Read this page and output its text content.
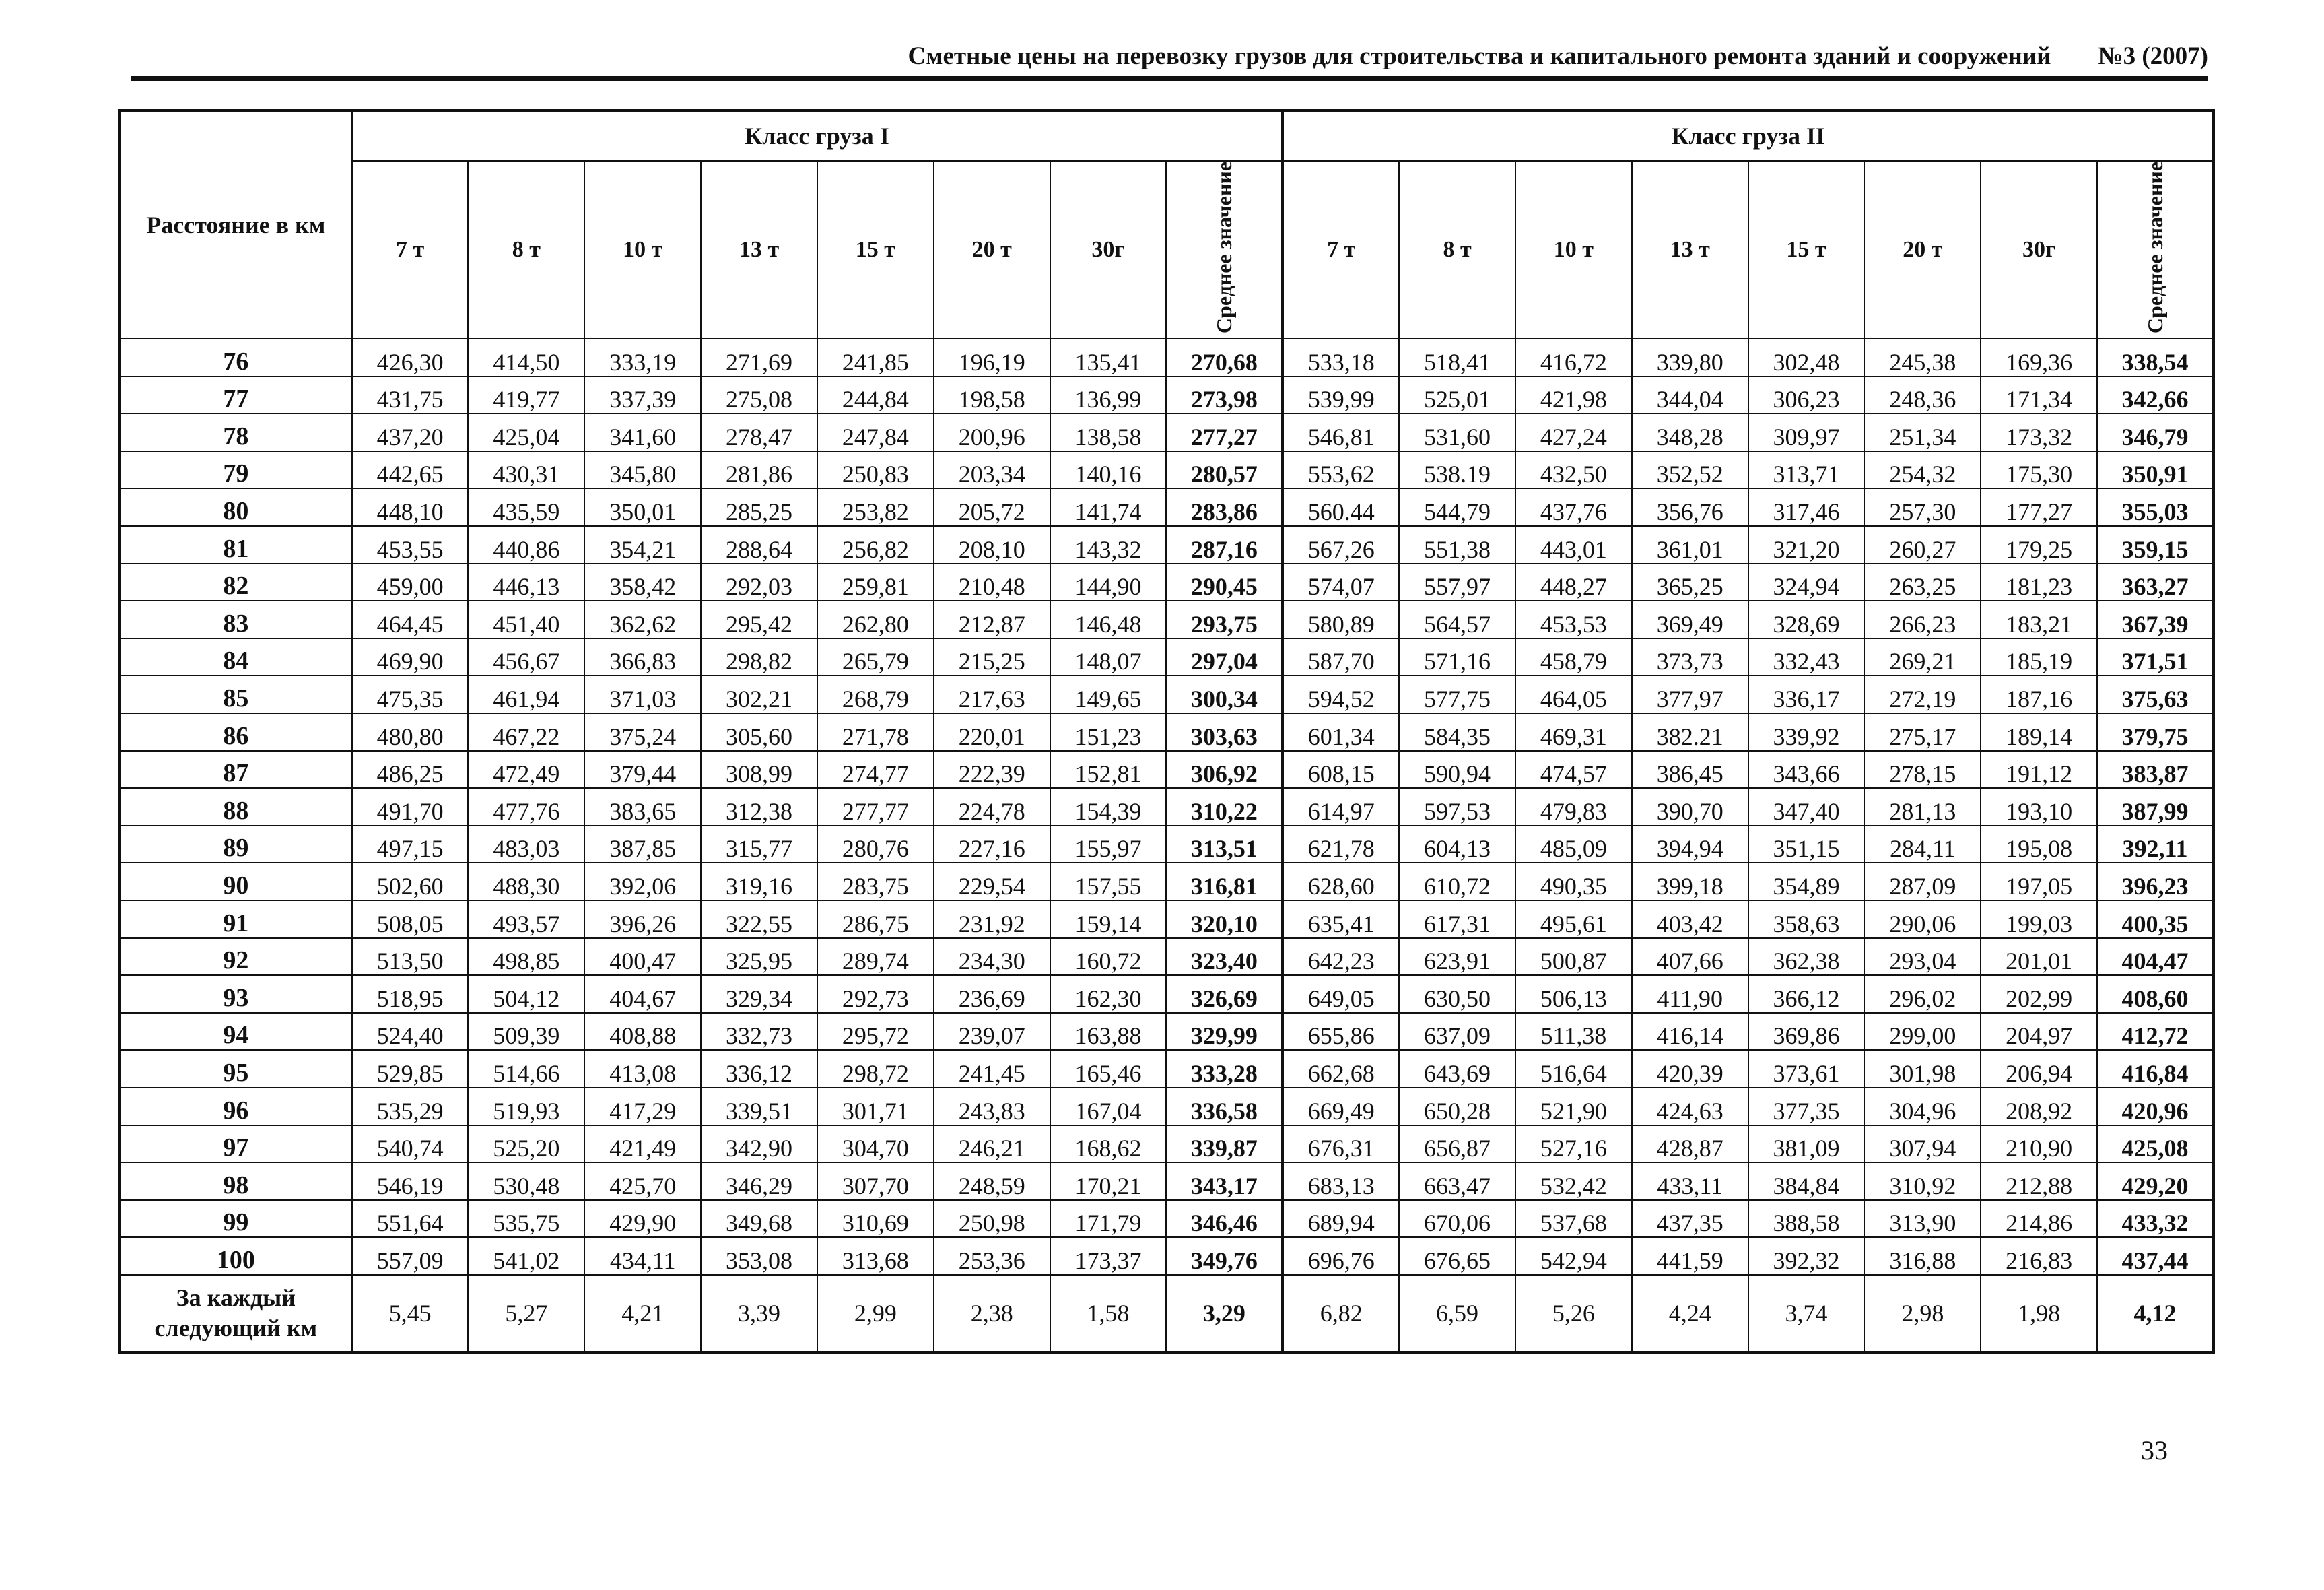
Сметные цены на перевозку грузов для строительства и капитального ремонта зданий и сооружений №3 (2007)
Расстояние в км	Класс груза I								Класс груза II							
	7 т	8 т	10 т	13 т	15 т	20 т	30г	Среднее значение	7 т	8 т	10 т	13 т	15 т	20 т	30г	Среднее значение
76	426,30	414,50	333,19	271,69	241,85	196,19	135,41	270,68	533,18	518,41	416,72	339,80	302,48	245,38	169,36	338,54
77	431,75	419,77	337,39	275,08	244,84	198,58	136,99	273,98	539,99	525,01	421,98	344,04	306,23	248,36	171,34	342,66
78	437,20	425,04	341,60	278,47	247,84	200,96	138,58	277,27	546,81	531,60	427,24	348,28	309,97	251,34	173,32	346,79
79	442,65	430,31	345,80	281,86	250,83	203,34	140,16	280,57	553,62	538.19	432,50	352,52	313,71	254,32	175,30	350,91
80	448,10	435,59	350,01	285,25	253,82	205,72	141,74	283,86	560.44	544,79	437,76	356,76	317,46	257,30	177,27	355,03
81	453,55	440,86	354,21	288,64	256,82	208,10	143,32	287,16	567,26	551,38	443,01	361,01	321,20	260,27	179,25	359,15
82	459,00	446,13	358,42	292,03	259,81	210,48	144,90	290,45	574,07	557,97	448,27	365,25	324,94	263,25	181,23	363,27
83	464,45	451,40	362,62	295,42	262,80	212,87	146,48	293,75	580,89	564,57	453,53	369,49	328,69	266,23	183,21	367,39
84	469,90	456,67	366,83	298,82	265,79	215,25	148,07	297,04	587,70	571,16	458,79	373,73	332,43	269,21	185,19	371,51
85	475,35	461,94	371,03	302,21	268,79	217,63	149,65	300,34	594,52	577,75	464,05	377,97	336,17	272,19	187,16	375,63
86	480,80	467,22	375,24	305,60	271,78	220,01	151,23	303,63	601,34	584,35	469,31	382.21	339,92	275,17	189,14	379,75
87	486,25	472,49	379,44	308,99	274,77	222,39	152,81	306,92	608,15	590,94	474,57	386,45	343,66	278,15	191,12	383,87
88	491,70	477,76	383,65	312,38	277,77	224,78	154,39	310,22	614,97	597,53	479,83	390,70	347,40	281,13	193,10	387,99
89	497,15	483,03	387,85	315,77	280,76	227,16	155,97	313,51	621,78	604,13	485,09	394,94	351,15	284,11	195,08	392,11
90	502,60	488,30	392,06	319,16	283,75	229,54	157,55	316,81	628,60	610,72	490,35	399,18	354,89	287,09	197,05	396,23
91	508,05	493,57	396,26	322,55	286,75	231,92	159,14	320,10	635,41	617,31	495,61	403,42	358,63	290,06	199,03	400,35
92	513,50	498,85	400,47	325,95	289,74	234,30	160,72	323,40	642,23	623,91	500,87	407,66	362,38	293,04	201,01	404,47
93	518,95	504,12	404,67	329,34	292,73	236,69	162,30	326,69	649,05	630,50	506,13	411,90	366,12	296,02	202,99	408,60
94	524,40	509,39	408,88	332,73	295,72	239,07	163,88	329,99	655,86	637,09	511,38	416,14	369,86	299,00	204,97	412,72
95	529,85	514,66	413,08	336,12	298,72	241,45	165,46	333,28	662,68	643,69	516,64	420,39	373,61	301,98	206,94	416,84
96	535,29	519,93	417,29	339,51	301,71	243,83	167,04	336,58	669,49	650,28	521,90	424,63	377,35	304,96	208,92	420,96
97	540,74	525,20	421,49	342,90	304,70	246,21	168,62	339,87	676,31	656,87	527,16	428,87	381,09	307,94	210,90	425,08
98	546,19	530,48	425,70	346,29	307,70	248,59	170,21	343,17	683,13	663,47	532,42	433,11	384,84	310,92	212,88	429,20
99	551,64	535,75	429,90	349,68	310,69	250,98	171,79	346,46	689,94	670,06	537,68	437,35	388,58	313,90	214,86	433,32
100	557,09	541,02	434,11	353,08	313,68	253,36	173,37	349,76	696,76	676,65	542,94	441,59	392,32	316,88	216,83	437,44
За каждый следующий км	5,45	5,27	4,21	3,39	2,99	2,38	1,58	3,29	6,82	6,59	5,26	4,24	3,74	2,98	1,98	4,12
33
